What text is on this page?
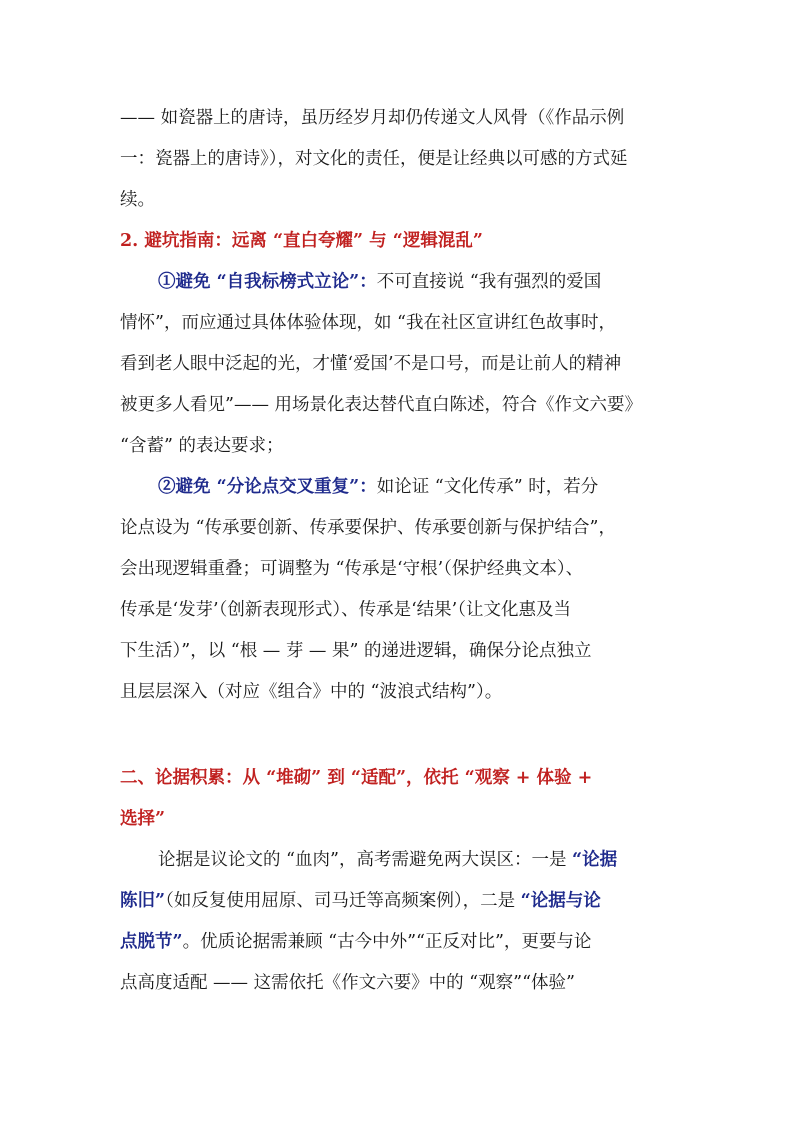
—— 如瓷器上的唐诗，虽历经岁月却仍传递文人风骨（《作品示例
一：瓷器上的唐诗》），对文化的责任，便是让经典以可感的方式延
续。
2. 避坑指南：远离 “直白夸耀” 与 “逻辑混乱”
①避免 “自我标榜式立论”：不可直接说 “我有强烈的爱国
情怀”，而应通过具体体验体现，如 “我在社区宣讲红色故事时，
看到老人眼中泛起的光，才懂‘爱国’不是口号，而是让前人的精神
被更多人看见”—— 用场景化表达替代直白陈述，符合《作文六要》
“含蓄” 的表达要求；
②避免 “分论点交叉重复”：如论证 “文化传承” 时，若分
论点设为 “传承要创新、传承要保护、传承要创新与保护结合”，
会出现逻辑重叠；可调整为 “传承是‘守根’（保护经典文本）、
传承是‘发芽’（创新表现形式）、传承是‘结果’（让文化惠及当
下生活）”，以 “根 — 芽 — 果” 的递进逻辑，确保分论点独立
且层层深入（对应《组合》中的 “波浪式结构”）。
二、论据积累：从 “堆砌” 到 “适配”，依托 “观察 + 体验 +
选择”
论据是议论文的 “血肉”，高考需避免两大误区：一是 “论据
陈旧”（如反复使用屈原、司马迁等高频案例），二是 “论据与论
点脱节”。优质论据需兼顾 “古今中外”“正反对比”，更要与论
点高度适配 —— 这需依托《作文六要》中的 “观察”“体验”
